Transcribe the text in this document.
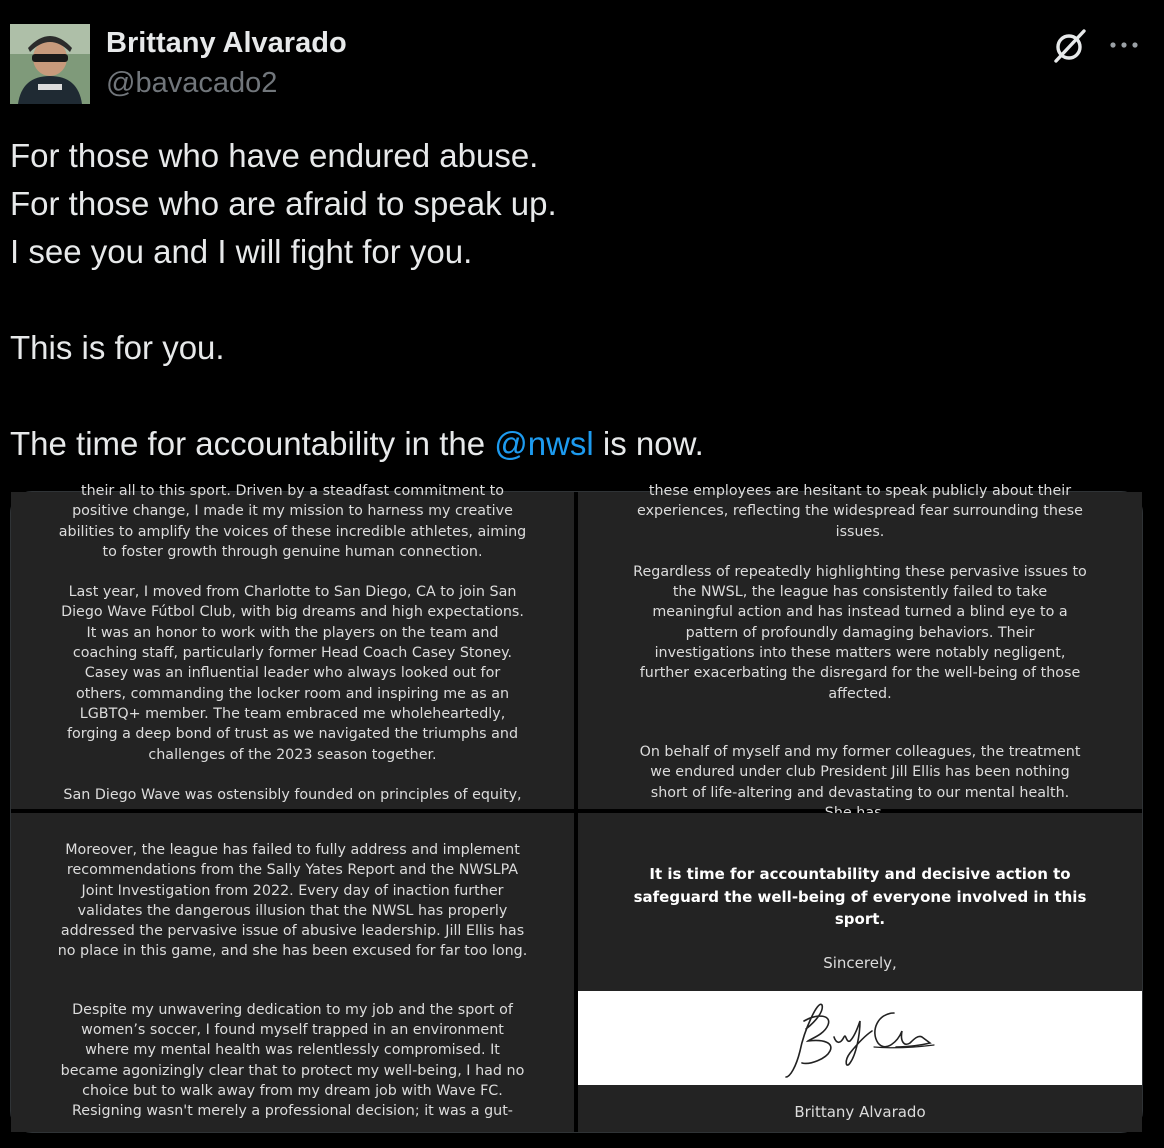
Brittany Alvarado
@bavacado2
For those who have endured abuse.
For those who are afraid to speak up.
I see you and I will fight for you.
This is for you.
The time for accountability in the @nwsl is now.

their all to this sport. Driven by a steadfast commitment to

positive change, I made it my mission to harness my creative

abilities to amplify the voices of these incredible athletes, aiming

to foster growth through genuine human connection.

Last year, I moved from Charlotte to San Diego, CA to join San

Diego Wave Fútbol Club, with big dreams and high expectations.

It was an honor to work with the players on the team and

coaching staff, particularly former Head Coach Casey Stoney.

Casey was an influential leader who always looked out for

others, commanding the locker room and inspiring me as an

LGBTQ+ member. The team embraced me wholeheartedly,

forging a deep bond of trust as we navigated the triumphs and

challenges of the 2023 season together.

San Diego Wave was ostensibly founded on principles of equity,

these employees are hesitant to speak publicly about their

experiences, reflecting the widespread fear surrounding these

issues.

Regardless of repeatedly highlighting these pervasive issues to

the NWSL, the league has consistently failed to take

meaningful action and has instead turned a blind eye to a

pattern of profoundly damaging behaviors. Their

investigations into these matters were notably negligent,

further exacerbating the disregard for the well-being of those

affected.

On behalf of myself and my former colleagues, the treatment

we endured under club President Jill Ellis has been nothing

short of life-altering and devastating to our mental health.

Moreover, the league has failed to fully address and implement

recommendations from the Sally Yates Report and the NWSLPA

Joint Investigation from 2022. Every day of inaction further

validates the dangerous illusion that the NWSL has properly

addressed the pervasive issue of abusive leadership. Jill Ellis has

no place in this game, and she has been excused for far too long.

Despite my unwavering dedication to my job and the sport of

women’s soccer, I found myself trapped in an environment

where my mental health was relentlessly compromised. It

became agonizingly clear that to protect my well-being, I had no

choice but to walk away from my dream job with Wave FC.

Resigning wasn't merely a professional decision; it was a gut-

It is time for accountability and decisive action to

safeguard the well-being of everyone involved in this

sport.

Sincerely,

Brittany Alvarado
